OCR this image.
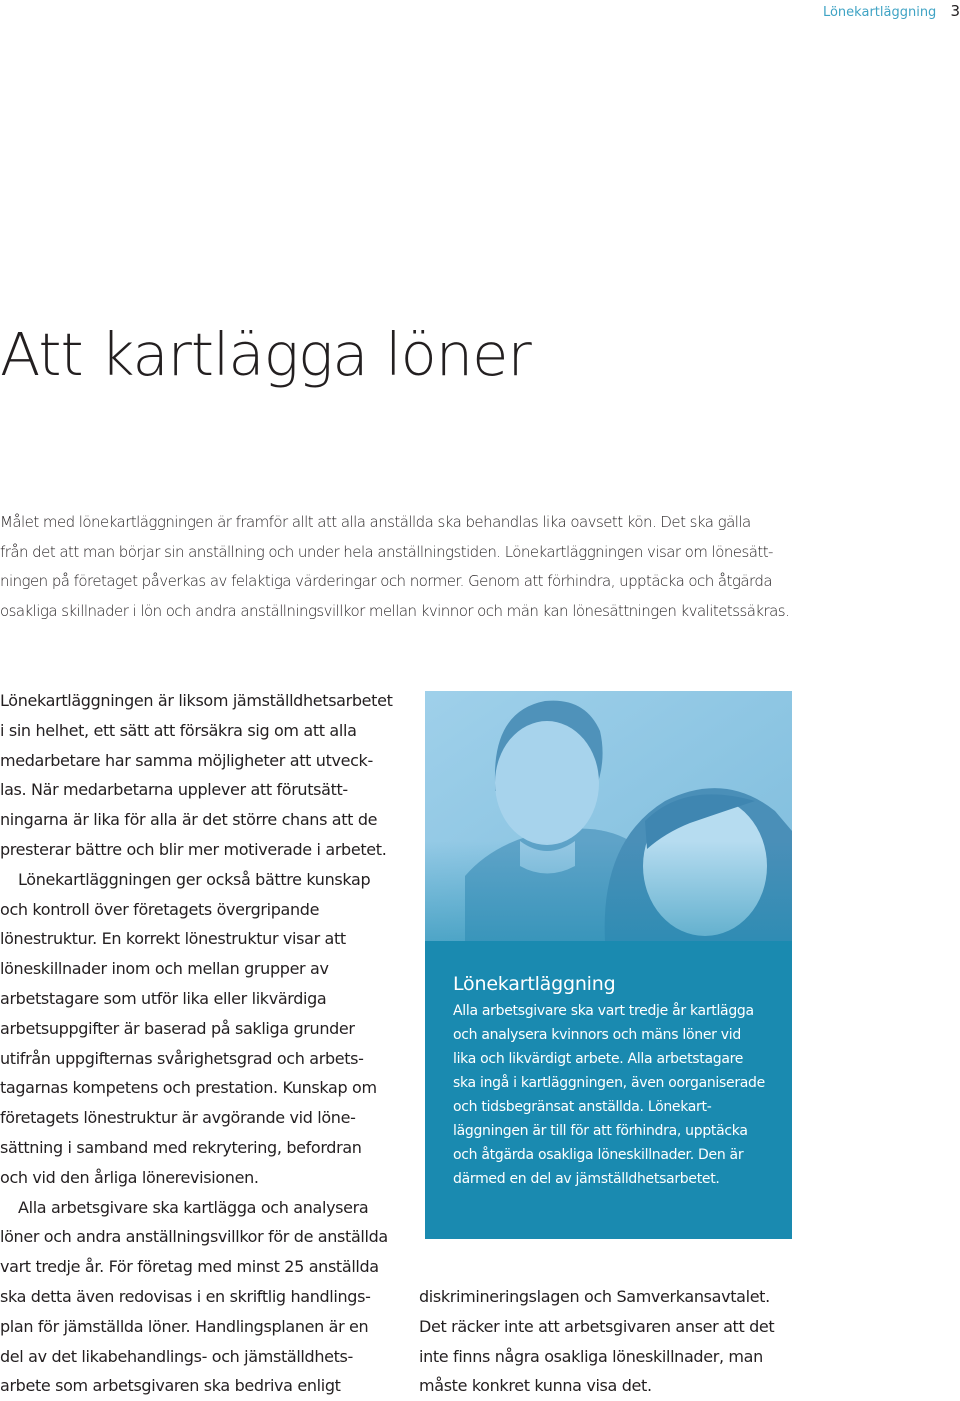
Lönekartläggning 3
Att kartlägga löner

Målet med lönekartläggningen är framför allt att alla anställda ska behandlas lika oavsett kön. Det ska gälla
från det att man börjar sin anställning och under hela anställningstiden. Lönekartläggningen visar om lönesätt-
ningen på företaget påverkas av felaktiga värderingar och normer. Genom att förhindra, upptäcka och åtgärda
osakliga skillnader i lön och andra anställningsvillkor mellan kvinnor och män kan lönesättningen kvalitetssäkras.

Lönekartläggningen är liksom jämställdhetsarbetet
i sin helhet, ett sätt att försäkra sig om att alla
medarbetare har samma möjligheter att utveck-
las. När medarbetarna upplever att förutsätt-
ningarna är lika för alla är det större chans att de
presterar bättre och blir mer motiverade i arbetet.
Lönekartläggningen ger också bättre kunskap
och kontroll över företagets övergripande
lönestruktur. En korrekt lönestruktur visar att
löneskillnader inom och mellan grupper av
arbetstagare som utför lika eller likvärdiga
arbetsuppgifter är baserad på sakliga grunder
utifrån uppgifternas svårighetsgrad och arbets-
tagarnas kompetens och prestation. Kunskap om
företagets lönestruktur är avgörande vid löne-
sättning i samband med rekrytering, befordran
och vid den årliga lönerevisionen.
Alla arbetsgivare ska kartlägga och analysera
löner och andra anställningsvillkor för de anställda
vart tredje år. För företag med minst 25 anställda
ska detta även redovisas i en skriftlig handlings-
plan för jämställda löner. Handlingsplanen är en
del av det likabehandlings- och jämställdhets-
arbete som arbetsgivaren ska bedriva enligt
Lönekartläggning

Alla arbetsgivare ska vart tredje år kartlägga
och analysera kvinnors och mäns löner vid
lika och likvärdigt arbete. Alla arbetstagare
ska ingå i kartläggningen, även oorganiserade
och tidsbegränsat anställda. Lönekart-
läggningen är till för att förhindra, upptäcka
och åtgärda osakliga löneskillnader. Den är
därmed en del av jämställdhetsarbetet.

diskrimineringslagen och Samverkansavtalet.
Det räcker inte att arbetsgivaren anser att det
inte finns några osakliga löneskillnader, man
måste konkret kunna visa det.
